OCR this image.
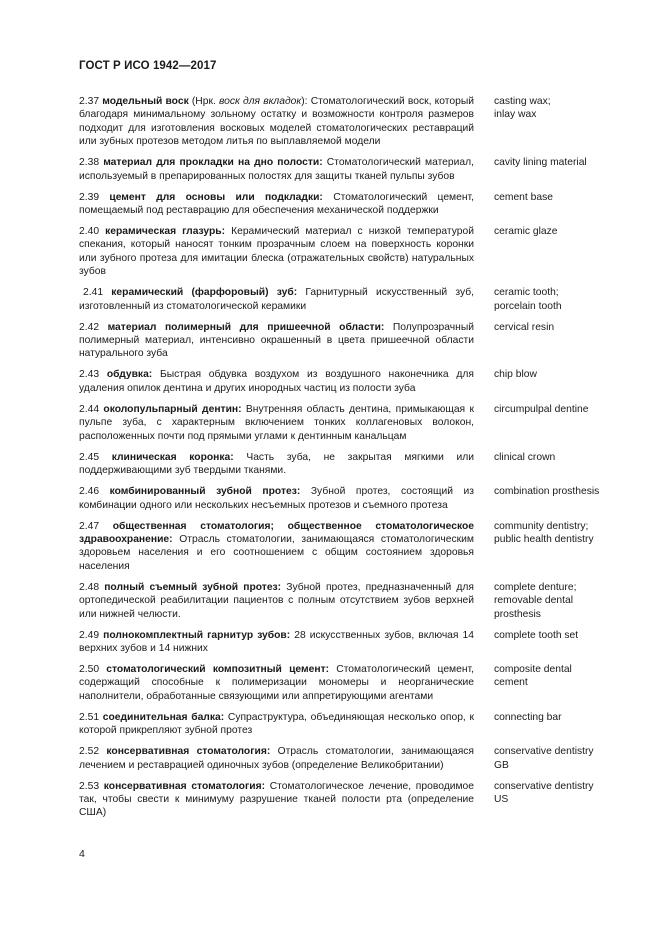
ГОСТ Р ИСО 1942—2017
2.37 модельный воск (Нрк. воск для вкладок): Стоматологический воск, который благодаря минимальному зольному остатку и возможности контроля размеров подходит для изготовления восковых моделей стоматологических реставраций или зубных протезов методом литья по выплавляемой модели
casting wax;
inlay wax
2.38 материал для прокладки на дно полости: Стоматологический материал, используемый в препарированных полостях для защиты тканей пульпы зубов
cavity lining material
2.39 цемент для основы или подкладки: Стоматологический цемент, помещаемый под реставрацию для обеспечения механической поддержки
cement base
2.40 керамическая глазурь: Керамический материал с низкой температурой спекания, который наносят тонким прозрачным слоем на поверхность коронки или зубного протеза для имитации блеска (отражательных свойств) натуральных зубов
ceramic glaze
2.41 керамический (фарфоровый) зуб: Гарнитурный искусственный зуб, изготовленный из стоматологической керамики
ceramic tooth;
porcelain tooth
2.42 материал полимерный для пришеечной области: Полупрозрачный полимерный материал, интенсивно окрашенный в цвета пришеечной области натурального зуба
cervical resin
2.43 обдувка: Быстрая обдувка воздухом из воздушного наконечника для удаления опилок дентина и других инородных частиц из полости зуба
chip blow
2.44 околопульпарный дентин: Внутренняя область дентина, примыкающая к пульпе зуба, с характерным включением тонких коллагеновых волокон, расположенных почти под прямыми углами к дентинным канальцам
circumpulpal dentine
2.45 клиническая коронка: Часть зуба, не закрытая мягкими или поддерживающими зуб твердыми тканями.
clinical crown
2.46 комбинированный зубной протез: Зубной протез, состоящий из комбинации одного или нескольких несъемных протезов и съемного протеза
combination prosthesis
2.47 общественная стоматология; общественное стоматологическое здравоохранение: Отрасль стоматологии, занимающаяся стоматологическим здоровьем населения и его соотношением с общим состоянием здоровья населения
community dentistry;
public health dentistry
2.48 полный съемный зубной протез: Зубной протез, предназначенный для ортопедической реабилитации пациентов с полным отсутствием зубов верхней или нижней челюсти.
complete denture;
removable dental
prosthesis
2.49 полнокомплектный гарнитур зубов: 28 искусственных зубов, включая 14 верхних зубов и 14 нижних
complete tooth set
2.50 стоматологический композитный цемент: Стоматологический цемент, содержащий способные к полимеризации мономеры и неорганические наполнители, обработанные связующими или аппретирующими агентами
composite dental
cement
2.51 соединительная балка: Супраструктура, объединяющая несколько опор, к которой прикрепляют зубной протез
connecting bar
2.52 консервативная стоматология: Отрасль стоматологии, занимающаяся лечением и реставрацией одиночных зубов (определение Великобритании)
conservative dentistry
GB
2.53 консервативная стоматология: Стоматологическое лечение, проводимое так, чтобы свести к минимуму разрушение тканей полости рта (определение США)
conservative dentistry
US
4
